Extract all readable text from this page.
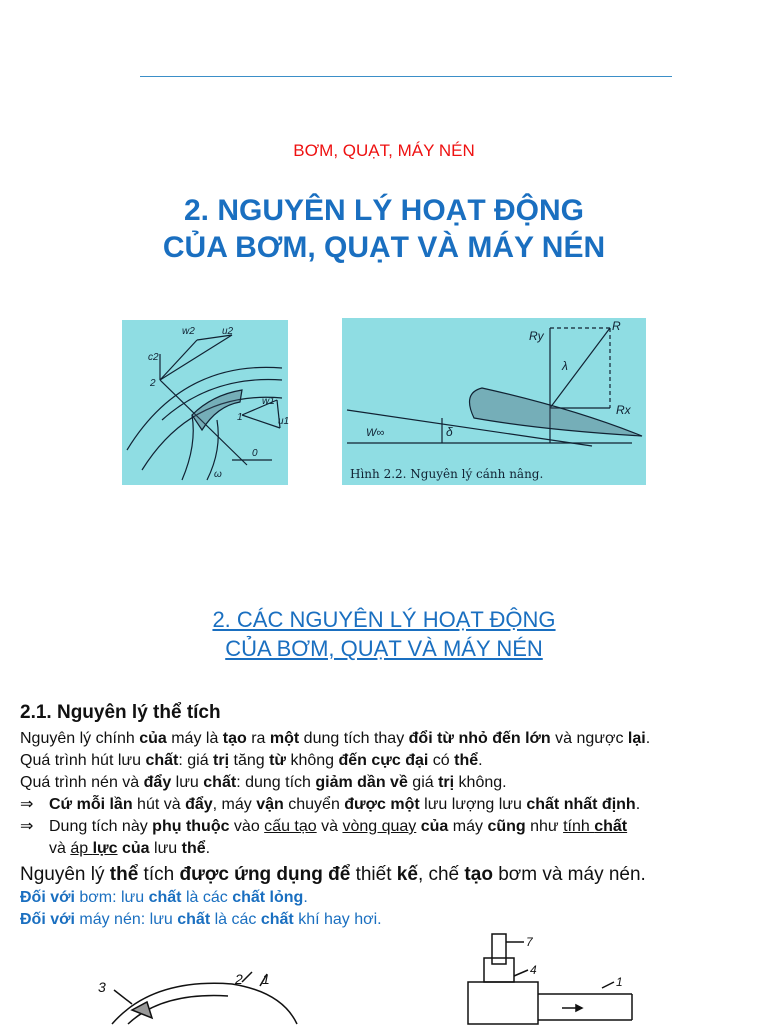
BƠM, QUẠT, MÁY NÉN
2. NGUYÊN LÝ HOẠT ĐỘNG
CỦA BƠM, QUẠT VÀ MÁY NÉN
w2	u2
c2
2
w1
u1
1
0
ω
Ry
R
Rx
λ
W∞	δ
Hình 2.2. Nguyên lý cánh nâng.
2. CÁC NGUYÊN LÝ HOẠT ĐỘNG
CỦA BƠM, QUẠT VÀ MÁY NÉN
2.1. Nguyên lý thể tích

Nguyên lý chính của máy là tạo ra một dung tích thay đổi từ nhỏ đến lớn và ngược lại.

Quá trình hút lưu chất: giá trị tăng từ không đến cực đại có thể.

Quá trình nén và đẩy lưu chất: dung tích giảm dần về giá trị không.

⇒ Cứ mỗi lần hút và đẩy, máy vận chuyển được một lưu lượng lưu chất nhất định.
⇒ Dung tích này phụ thuộc vào cấu tạo và vòng quay của máy cũng như tính chất
và áp lực của lưu thể.

Nguyên lý thể tích được ứng dụng để thiết kế, chế tạo bơm và máy nén.

Đối với bơm: lưu chất là các chất lỏng.

Đối với máy nén: lưu chất là các chất khí hay hơi.

3	2 1
7
4
1
